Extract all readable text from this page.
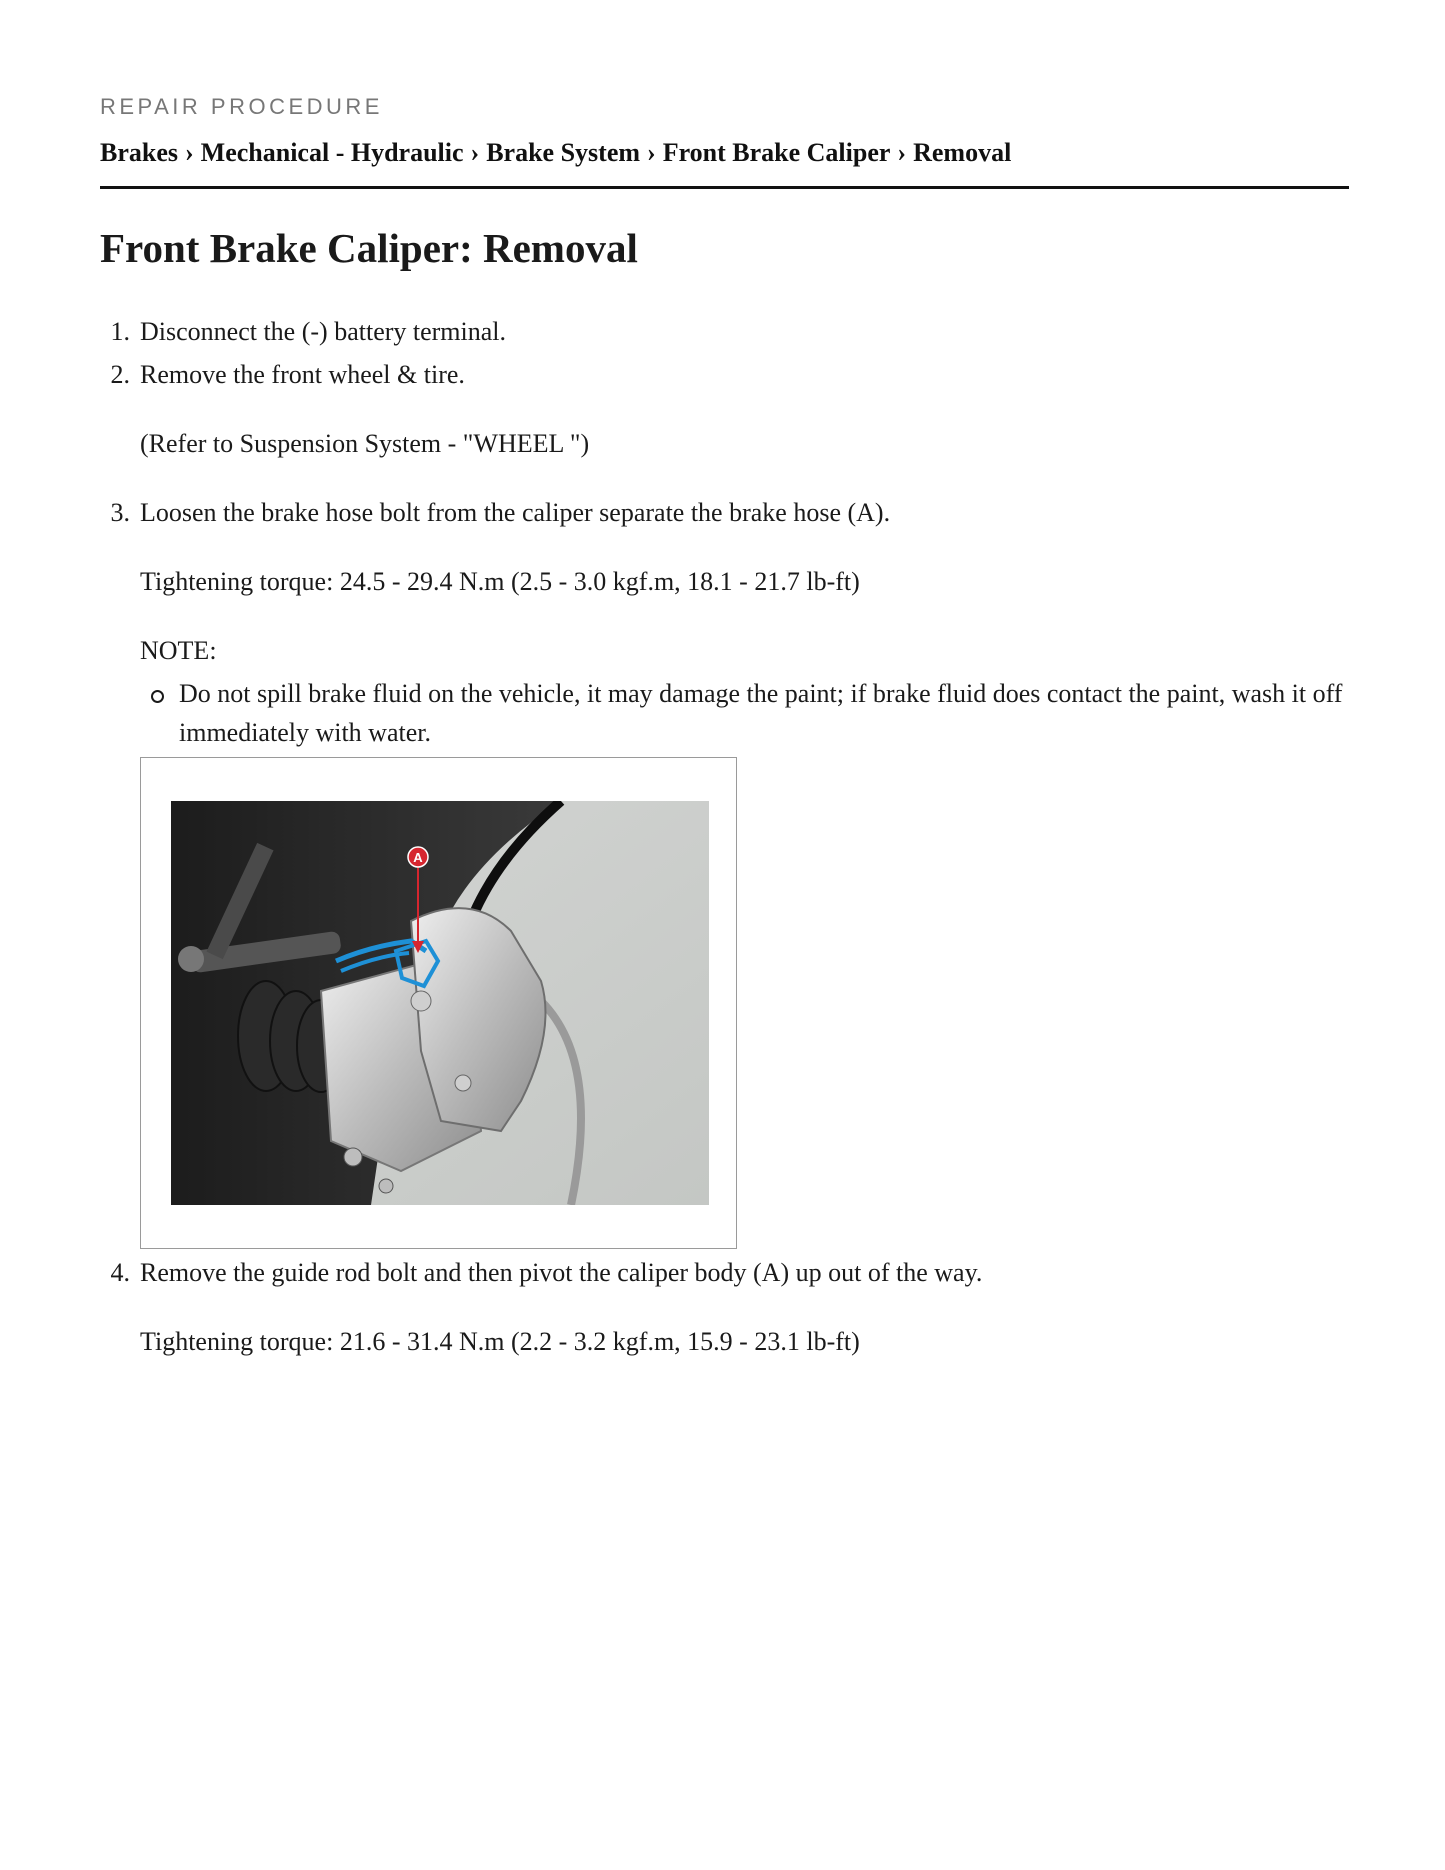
REPAIR PROCEDURE
Brakes › Mechanical - Hydraulic › Brake System › Front Brake Caliper › Removal
Front Brake Caliper: Removal
1. Disconnect the (-) battery terminal.
2. Remove the front wheel & tire.
(Refer to Suspension System - "WHEEL ")
3. Loosen the brake hose bolt from the caliper separate the brake hose (A).
Tightening torque: 24.5 - 29.4 N.m (2.5 - 3.0 kgf.m, 18.1 - 21.7 lb-ft)
NOTE:
Do not spill brake fluid on the vehicle, it may damage the paint; if brake fluid does contact the paint, wash it off immediately with water.
A
4. Remove the guide rod bolt and then pivot the caliper body (A) up out of the way.
Tightening torque: 21.6 - 31.4 N.m (2.2 - 3.2 kgf.m, 15.9 - 23.1 lb-ft)
